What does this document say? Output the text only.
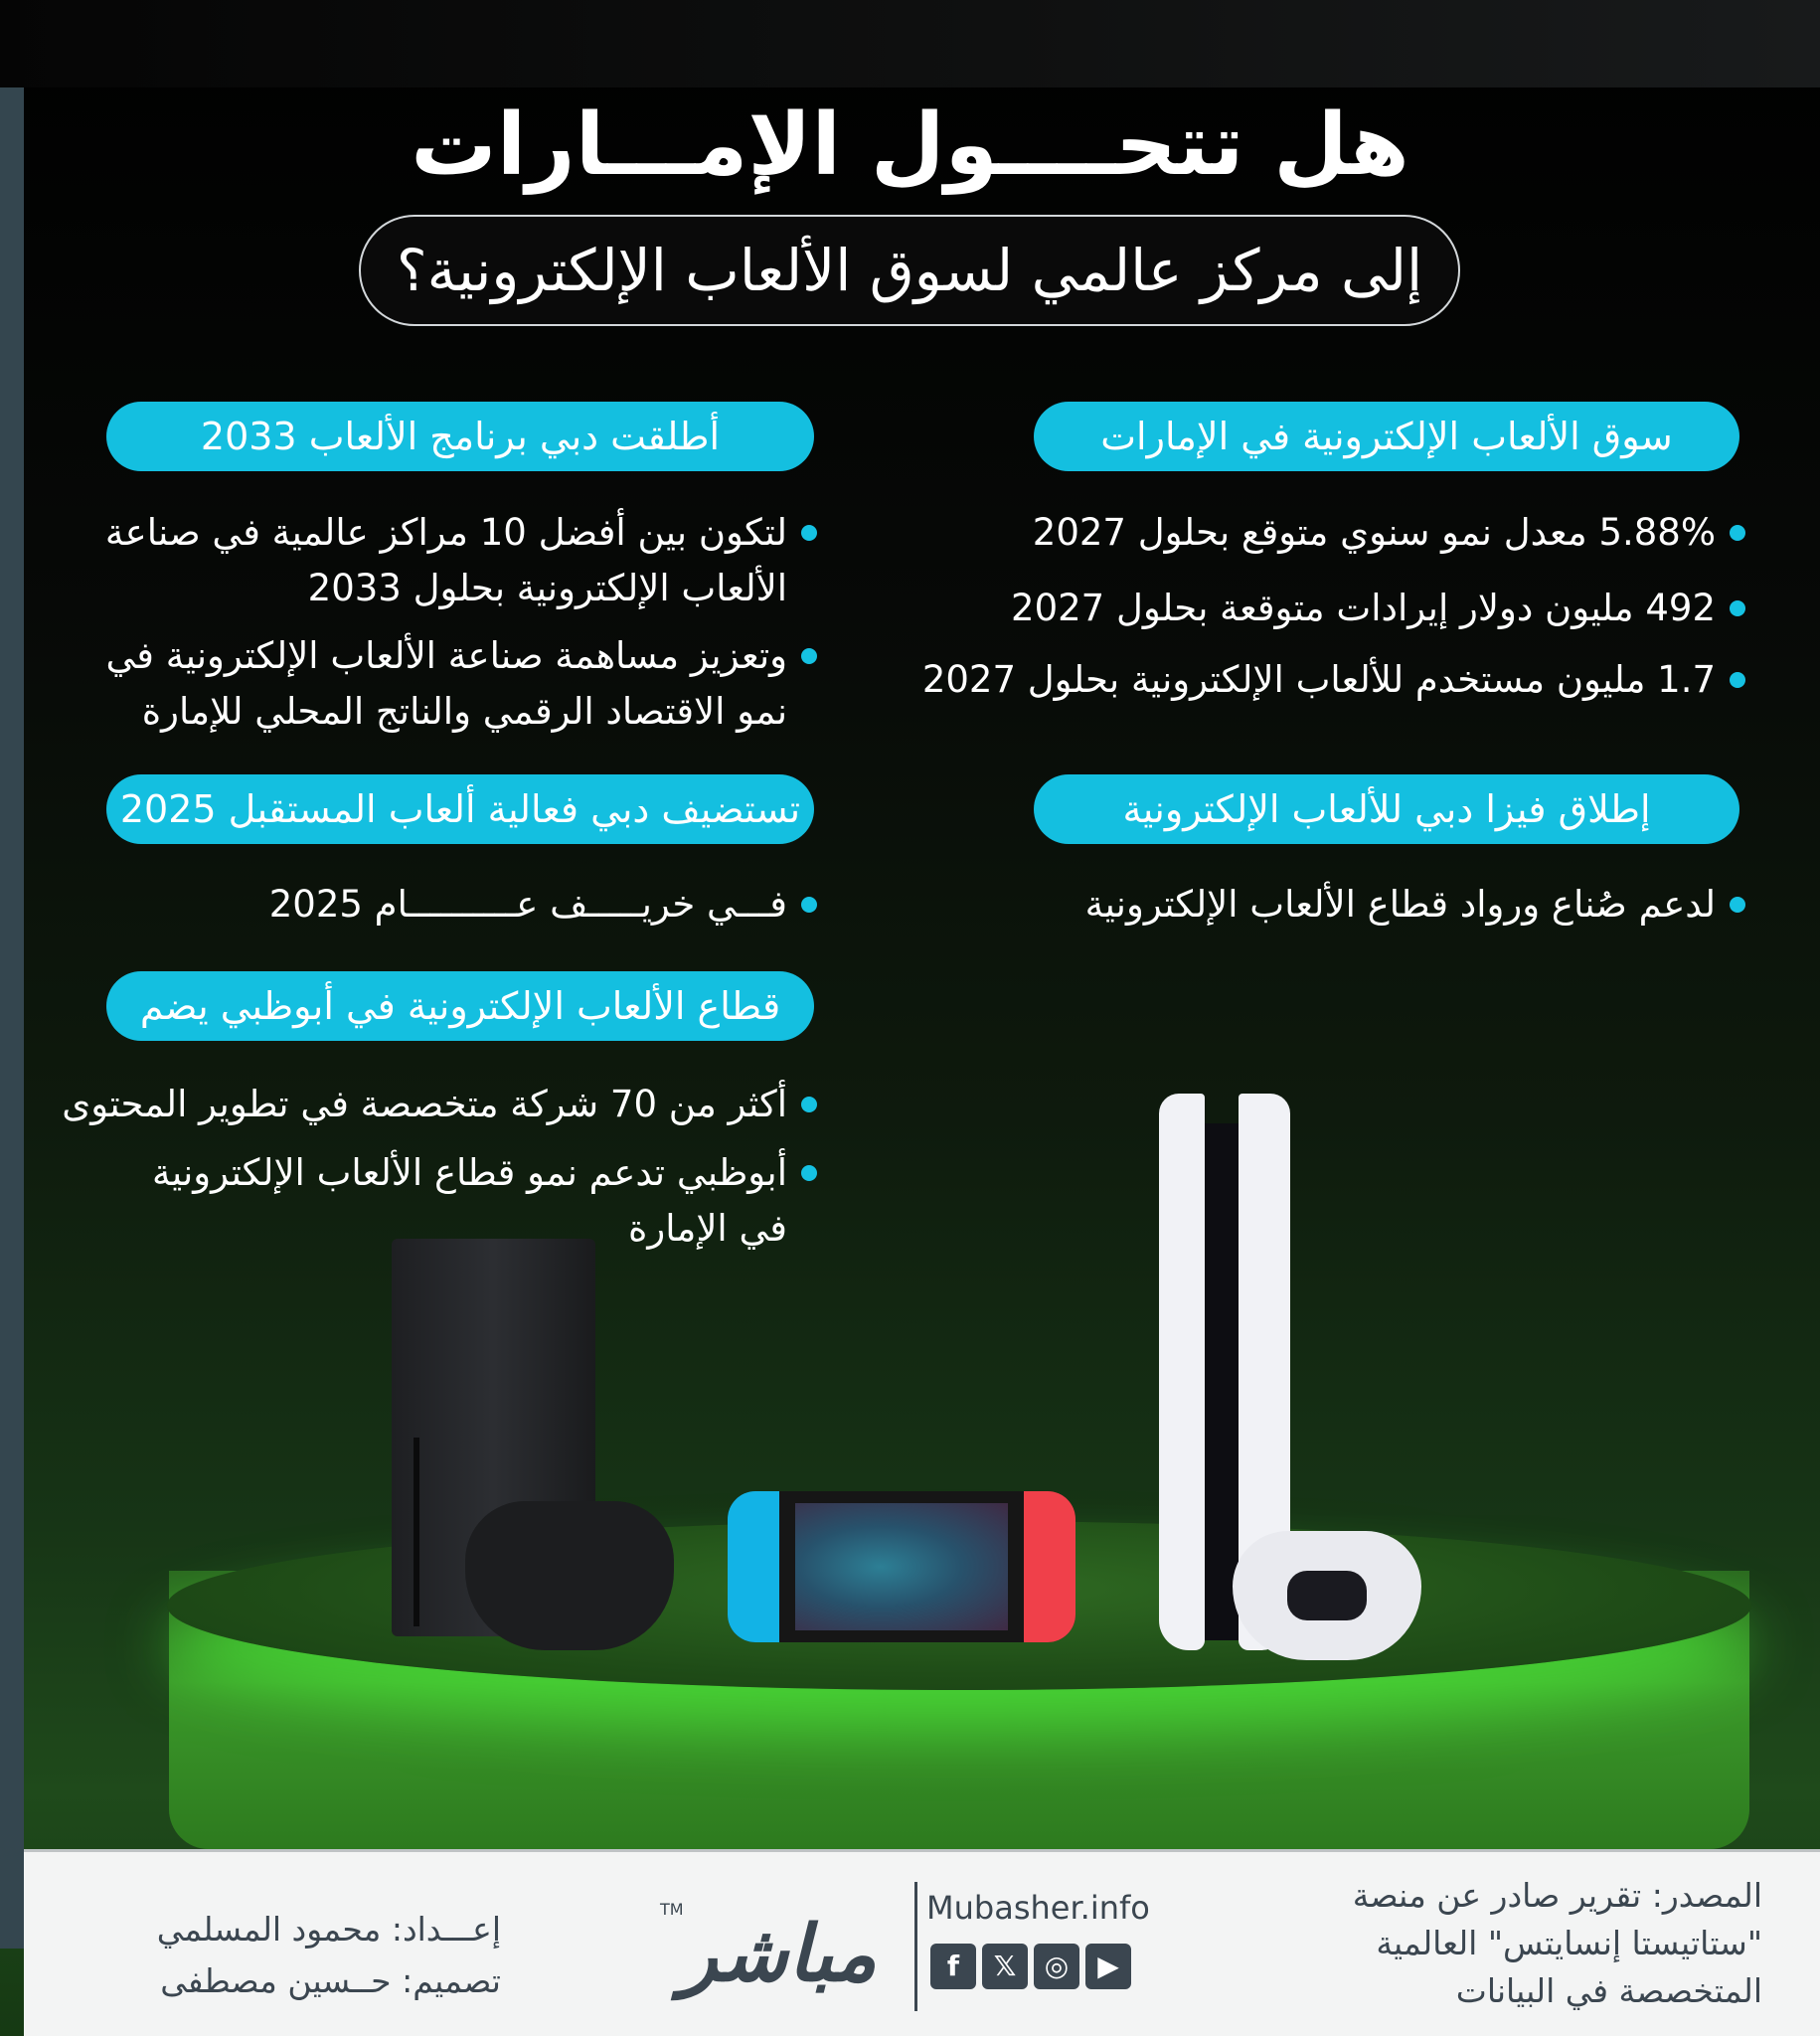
هل تتحــــول الإمـــارات
إلى مركز عالمي لسوق الألعاب الإلكترونية؟
سوق الألعاب الإلكترونية في الإمارات
5.88% معدل نمو سنوي متوقع بحلول 2027
492 مليون دولار إيرادات متوقعة بحلول 2027
1.7 مليون مستخدم للألعاب الإلكترونية بحلول 2027
إطلاق فيزا دبي للألعاب الإلكترونية
لدعم صُناع ورواد قطاع الألعاب الإلكترونية
أطلقت دبي برنامج الألعاب 2033
لتكون بين أفضل 10 مراكز عالمية في صناعة الألعاب الإلكترونية بحلول 2033
وتعزيز مساهمة صناعة الألعاب الإلكترونية في نمو الاقتصاد الرقمي والناتج المحلي للإمارة
تستضيف دبي فعالية ألعاب المستقبل 2025
فـــي خريـــــف عــــــــــام 2025
قطاع الألعاب الإلكترونية في أبوظبي يضم
أكثر من 70 شركة متخصصة في تطوير المحتوى
أبوظبي تدعم نمو قطاع الألعاب الإلكترونية في الإمارة
المصدر: تقرير صادر عن منصة
"ستاتيستا إنسايتس" العالمية
المتخصصة في البيانات
Mubasher.info
f	𝕏	◎	▶
TM
مباشر
إعـــداد: محمود المسلمي
تصميم: حــسين مصطفى
